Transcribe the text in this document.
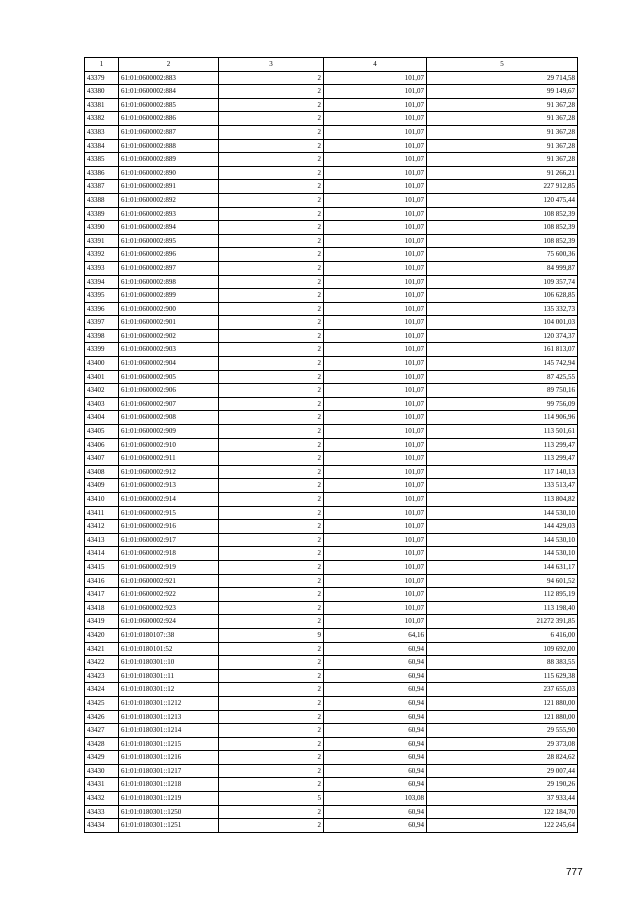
1	2	3	4	5
43379	61:01:0600002:883	2	101,07	29 714,58
43380	61:01:0600002:884	2	101,07	99 149,67
43381	61:01:0600002:885	2	101,07	91 367,28
43382	61:01:0600002:886	2	101,07	91 367,28
43383	61:01:0600002:887	2	101,07	91 367,28
43384	61:01:0600002:888	2	101,07	91 367,28
43385	61:01:0600002:889	2	101,07	91 367,28
43386	61:01:0600002:890	2	101,07	91 266,21
43387	61:01:0600002:891	2	101,07	227 912,85
43388	61:01:0600002:892	2	101,07	120 475,44
43389	61:01:0600002:893	2	101,07	108 852,39
43390	61:01:0600002:894	2	101,07	108 852,39
43391	61:01:0600002:895	2	101,07	108 852,39
43392	61:01:0600002:896	2	101,07	75 600,36
43393	61:01:0600002:897	2	101,07	84 999,87
43394	61:01:0600002:898	2	101,07	109 357,74
43395	61:01:0600002:899	2	101,07	106 628,85
43396	61:01:0600002:900	2	101,07	135 332,73
43397	61:01:0600002:901	2	101,07	104 001,03
43398	61:01:0600002:902	2	101,07	120 374,37
43399	61:01:0600002:903	2	101,07	161 813,07
43400	61:01:0600002:904	2	101,07	145 742,94
43401	61:01:0600002:905	2	101,07	87 425,55
43402	61:01:0600002:906	2	101,07	89 750,16
43403	61:01:0600002:907	2	101,07	99 756,09
43404	61:01:0600002:908	2	101,07	114 906,96
43405	61:01:0600002:909	2	101,07	113 501,61
43406	61:01:0600002:910	2	101,07	113 299,47
43407	61:01:0600002:911	2	101,07	113 299,47
43408	61:01:0600002:912	2	101,07	117 140,13
43409	61:01:0600002:913	2	101,07	133 513,47
43410	61:01:0600002:914	2	101,07	113 804,82
43411	61:01:0600002:915	2	101,07	144 530,10
43412	61:01:0600002:916	2	101,07	144 429,03
43413	61:01:0600002:917	2	101,07	144 530,10
43414	61:01:0600002:918	2	101,07	144 530,10
43415	61:01:0600002:919	2	101,07	144 631,17
43416	61:01:0600002:921	2	101,07	94 601,52
43417	61:01:0600002:922	2	101,07	112 895,19
43418	61:01:0600002:923	2	101,07	113 198,40
43419	61:01:0600002:924	2	101,07	21272 391,85
43420	61:01:0180107::38	9	64,16	6 416,00
43421	61:01:0180101:52	2	60,94	109 692,00
43422	61:01:0180301::10	2	60,94	88 383,55
43423	61:01:0180301::11	2	60,94	115 629,38
43424	61:01:0180301::12	2	60,94	237 655,03
43425	61:01:0180301::1212	2	60,94	121 880,00
43426	61:01:0180301::1213	2	60,94	121 880,00
43427	61:01:0180301::1214	2	60,94	29 555,90
43428	61:01:0180301::1215	2	60,94	29 373,08
43429	61:01:0180301::1216	2	60,94	28 824,62
43430	61:01:0180301::1217	2	60,94	29 007,44
43431	61:01:0180301::1218	2	60,94	29 190,26
43432	61:01:0180301::1219	5	103,08	37 933,44
43433	61:01:0180301::1250	2	60,94	122 184,70
43434	61:01:0180301::1251	2	60,94	122 245,64
777
